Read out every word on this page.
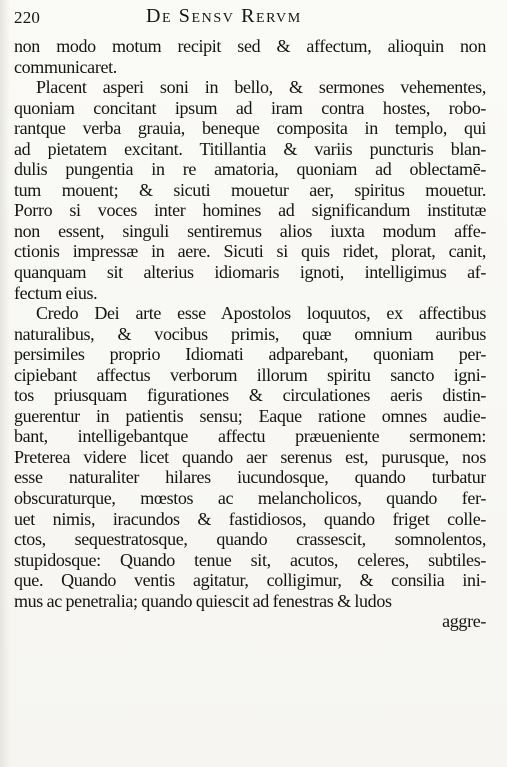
220	De Sensv Rervm
non modo motum recipit sed & affectum, alioquin non
communicaret.
Placent asperi soni in bello, & sermones vehementes,
quoniam concitant ipsum ad iram contra hostes, robo-
rantque verba grauia, beneque composita in templo, qui
ad pietatem excitant. Titillantia & variis puncturis blan-
dulis pungentia in re amatoria, quoniam ad oblectamē-
tum mouent; & sicuti mouetur aer, spiritus mouetur.
Porro si voces inter homines ad significandum institutæ
non essent, singuli sentiremus alios iuxta modum affe-
ctionis impressæ in aere. Sicuti si quis ridet, plorat, canit,
quanquam sit alterius idiomaris ignoti, intelligimus af-
fectum eius.
Credo Dei arte esse Apostolos loquutos, ex affectibus
naturalibus, & vocibus primis, quæ omnium auribus
persimiles proprio Idiomati adparebant, quoniam per-
cipiebant affectus verborum illorum spiritu sancto igni-
tos priusquam figurationes & circulationes aeris distin-
guerentur in patientis sensu; Eaque ratione omnes audie-
bant, intelligebantque affectu præueniente sermonem:
Preterea videre licet quando aer serenus est, purusque, nos
esse naturaliter hilares iucundosque, quando turbatur
obscuraturque, mœstos ac melancholicos, quando fer-
uet nimis, iracundos & fastidiosos, quando friget colle-
ctos, sequestratosque, quando crassescit, somnolentos,
stupidosque: Quando tenue sit, acutos, celeres, subtiles-
que. Quando ventis agitatur, colligimur, & consilia ini-
mus ac penetralia; quando quiescit ad fenestras & ludos
aggre-
